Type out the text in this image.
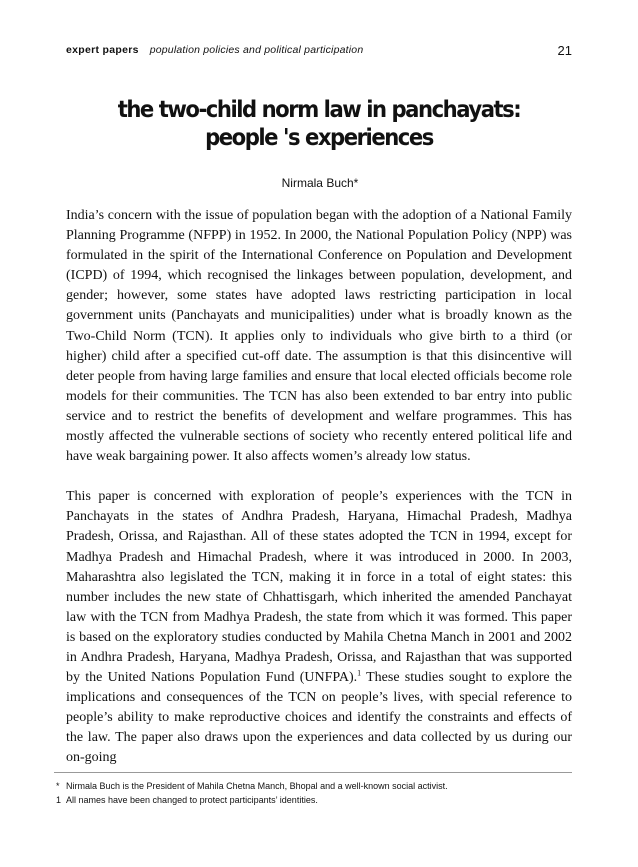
expert papers population policies and political participation	21
the two-child norm law in panchayats:
people 's experiences
Nirmala Buch*

India’s concern with the issue of population began with the adoption of a National Family Planning Programme (NFPP) in 1952. In 2000, the National Population Policy (NPP) was formulated in the spirit of the International Conference on Population and Development (ICPD) of 1994, which recognised the linkages between population, development, and gender; however, some states have adopted laws restricting participation in local government units (Panchayats and municipalities) under what is broadly known as the Two-Child Norm (TCN). It applies only to individuals who give birth to a third (or higher) child after a specified cut-off date. The assumption is that this disincentive will deter people from having large families and ensure that local elected officials become role models for their communities. The TCN has also been extended to bar entry into public service and to restrict the benefits of development and welfare programmes. This has mostly affected the vulnerable sections of society who recently entered political life and have weak bargaining power. It also affects women’s already low status.

This paper is concerned with exploration of people’s experiences with the TCN in Panchayats in the states of Andhra Pradesh, Haryana, Himachal Pradesh, Madhya Pradesh, Orissa, and Rajasthan. All of these states adopted the TCN in 1994, except for Madhya Pradesh and Himachal Pradesh, where it was introduced in 2000. In 2003, Maharashtra also legislated the TCN, making it in force in a total of eight states: this number includes the new state of Chhattisgarh, which inherited the amended Panchayat law with the TCN from Madhya Pradesh, the state from which it was formed. This paper is based on the exploratory studies conducted by Mahila Chetna Manch in 2001 and 2002 in Andhra Pradesh, Haryana, Madhya Pradesh, Orissa, and Rajasthan that was supported by the United Nations Population Fund (UNFPA).$^1$ These studies sought to explore the implications and consequences of the TCN on people’s lives, with special reference to people’s ability to make reproductive choices and identify the constraints and effects of the law. The paper also draws upon the experiences and data collected by us during our on-going

* Nirmala Buch is the President of Mahila Chetna Manch, Bhopal and a well-known social activist.
1 All names have been changed to protect participants’ identities.
